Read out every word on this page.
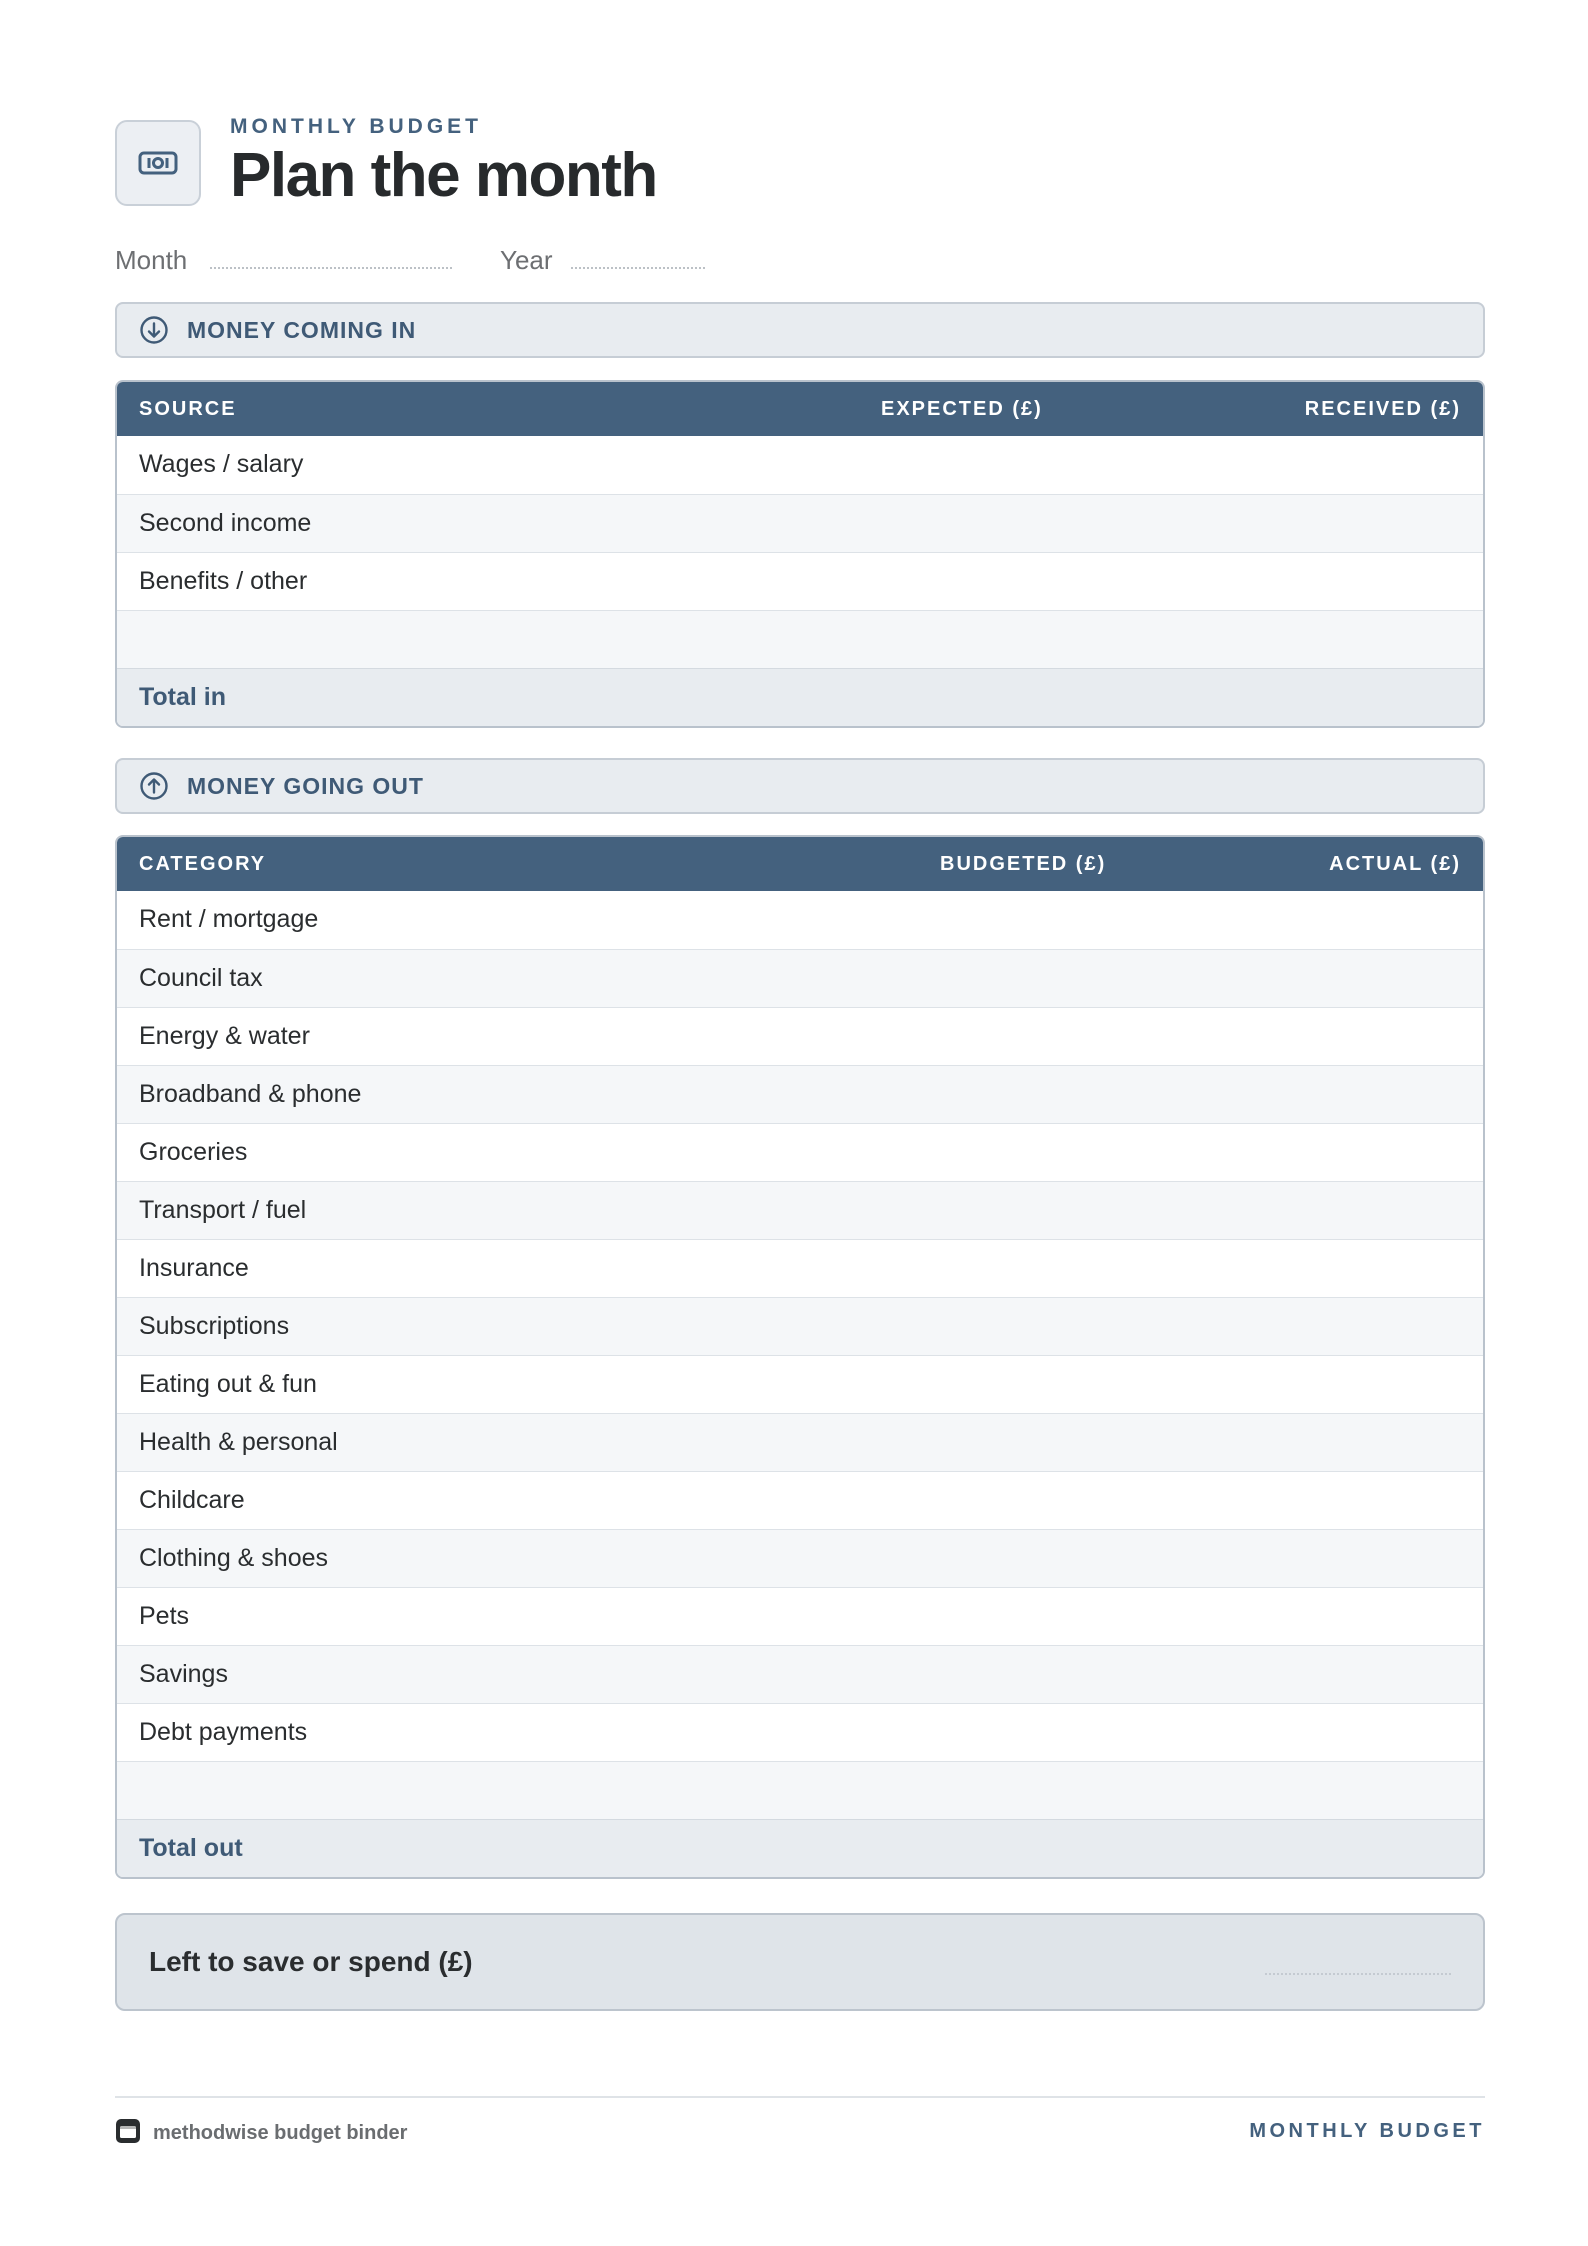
MONTHLY BUDGET
Plan the month
Month	Year
MONEY COMING IN
SOURCE	EXPECTED (£)	RECEIVED (£)
Wages / salary
Second income
Benefits / other
Total in
MONEY GOING OUT
CATEGORY	BUDGETED (£)	ACTUAL (£)
Rent / mortgage
Council tax
Energy & water
Broadband & phone
Groceries
Transport / fuel
Insurance
Subscriptions
Eating out & fun
Health & personal
Childcare
Clothing & shoes
Pets
Savings
Debt payments
Total out
Left to save or spend (£)
methodwise budget binder	MONTHLY BUDGET
